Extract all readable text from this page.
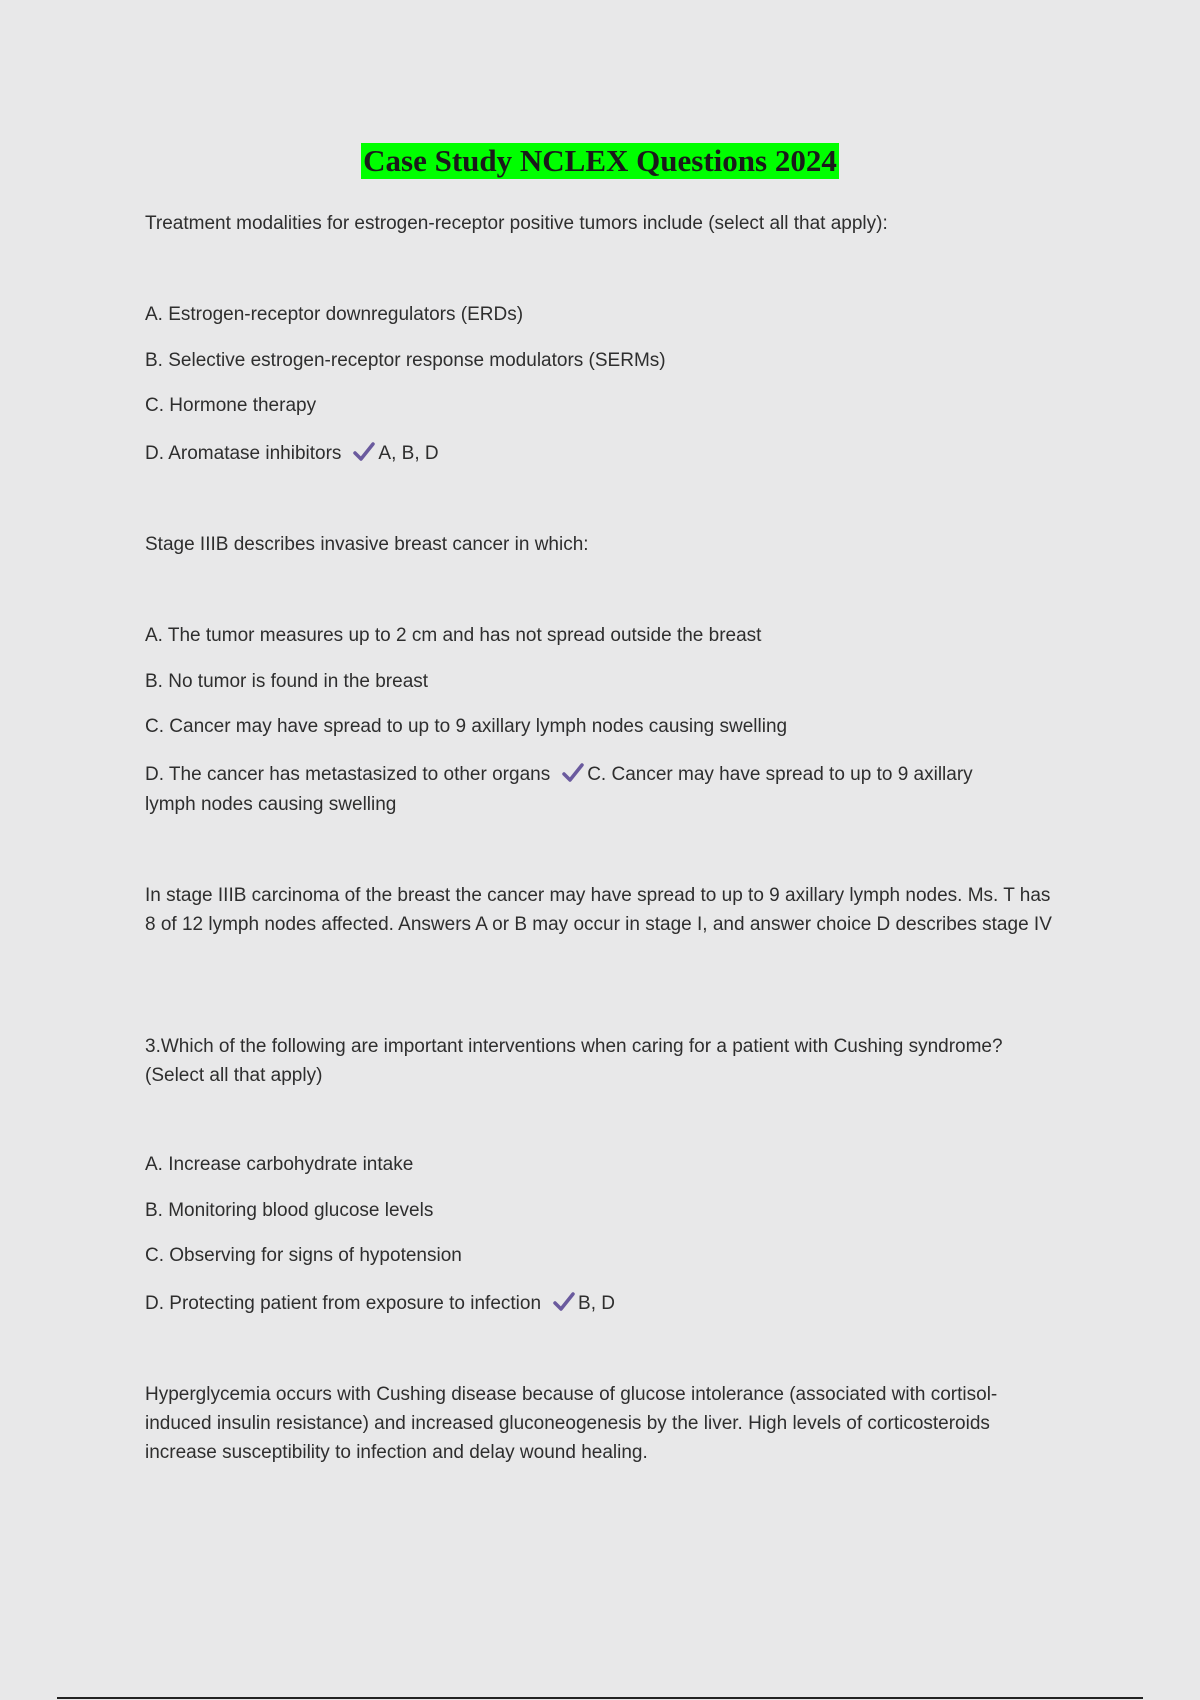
Case Study NCLEX Questions 2024
Treatment modalities for estrogen-receptor positive tumors include (select all that apply):
A. Estrogen-receptor downregulators (ERDs)
B. Selective estrogen-receptor response modulators (SERMs)
C. Hormone therapy
D. Aromatase inhibitors A, B, D
Stage IIIB describes invasive breast cancer in which:
A. The tumor measures up to 2 cm and has not spread outside the breast
B. No tumor is found in the breast
C. Cancer may have spread to up to 9 axillary lymph nodes causing swelling
D. The cancer has metastasized to other organs C. Cancer may have spread to up to 9 axillary
lymph nodes causing swelling
In stage IIIB carcinoma of the breast the cancer may have spread to up to 9 axillary lymph nodes. Ms. T has 8 of 12 lymph nodes affected. Answers A or B may occur in stage I, and answer choice D describes stage IV
3.Which of the following are important interventions when caring for a patient with Cushing syndrome? (Select all that apply)
A. Increase carbohydrate intake
B. Monitoring blood glucose levels
C. Observing for signs of hypotension
D. Protecting patient from exposure to infection B, D
Hyperglycemia occurs with Cushing disease because of glucose intolerance (associated with cortisol-induced insulin resistance) and increased gluconeogenesis by the liver. High levels of corticosteroids increase susceptibility to infection and delay wound healing.
